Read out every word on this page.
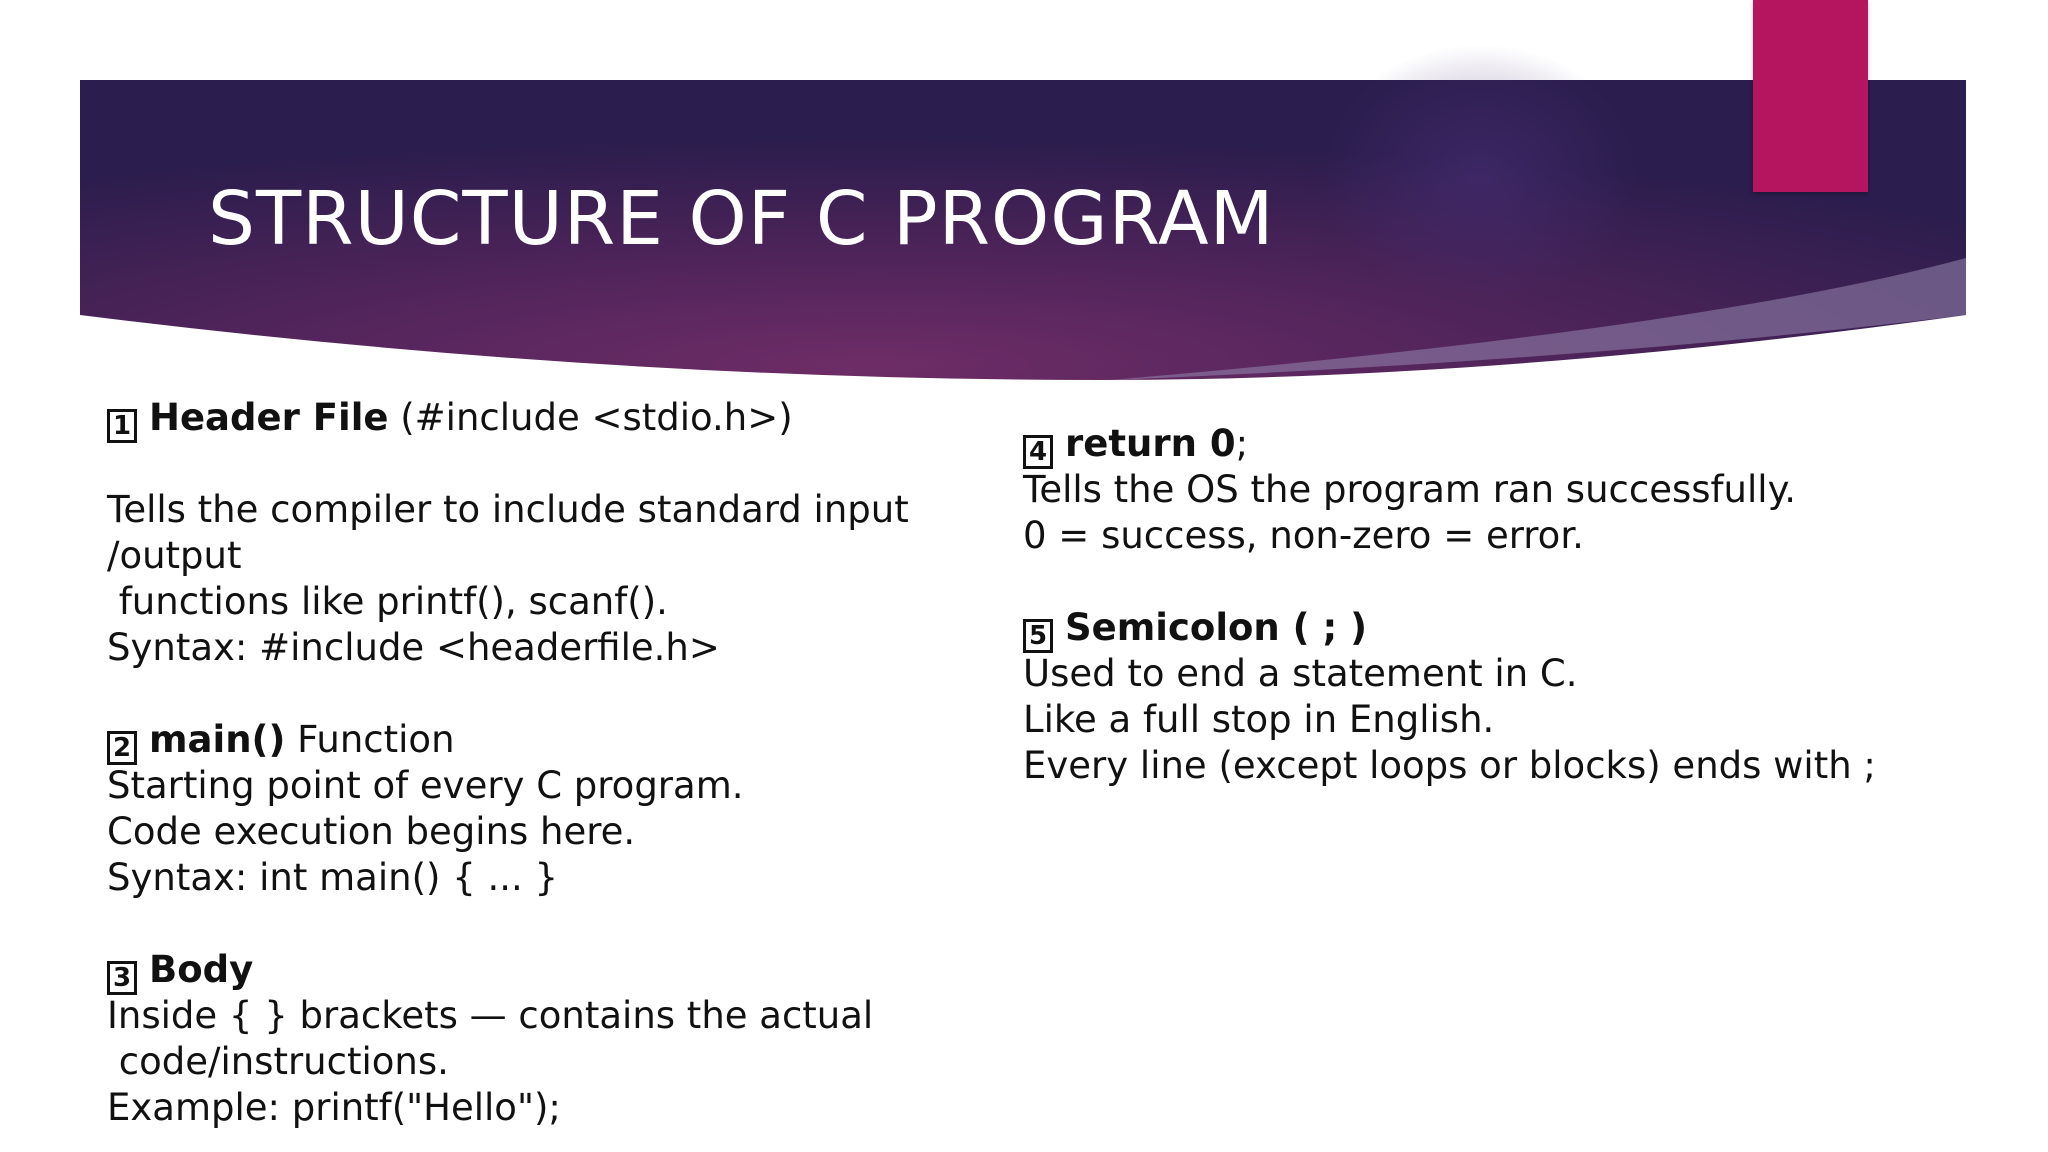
STRUCTURE OF C PROGRAM
1 Header File (#include <stdio.h>)
Tells the compiler to include standard input
/output
functions like printf(), scanf().
Syntax: #include <headerfile.h>
2 main() Function
Starting point of every C program.
Code execution begins here.
Syntax: int main() { ... }
3 Body
Inside { } brackets — contains the actual
code/instructions.
Example: printf("Hello");
4 return 0;
Tells the OS the program ran successfully.
0 = success, non-zero = error.
5 Semicolon ( ; )
Used to end a statement in C.
Like a full stop in English.
Every line (except loops or blocks) ends with ;
